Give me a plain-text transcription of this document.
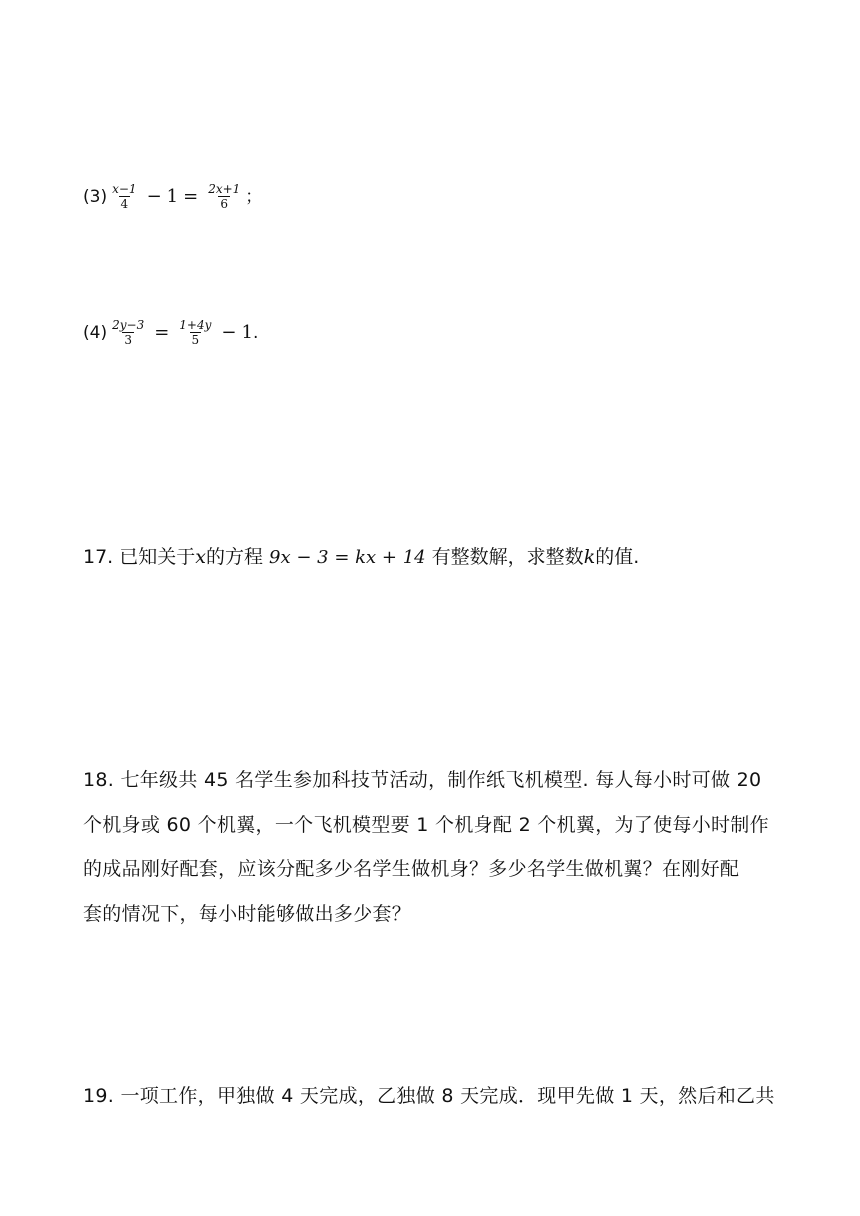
$(3) \frac{x-1}{4} - 1 = \frac{2x+1}{6}$ ；
$(4) \frac{2y-3}{3} = \frac{1+4y}{5} - 1$ .
17. 已知关于x的方程 9x − 3 = kx + 14 有整数解，求整数k的值.
18. 七年级共 45 名学生参加科技节活动，制作纸飞机模型. 每人每小时可做 20
个机身或 60 个机翼，一个飞机模型要 1 个机身配 2 个机翼，为了使每小时制作
的成品刚好配套，应该分配多少名学生做机身？多少名学生做机翼？在刚好配
套的情况下，每小时能够做出多少套？
19. 一项工作，甲独做 4 天完成，乙独做 8 天完成．现甲先做 1 天，然后和乙共
